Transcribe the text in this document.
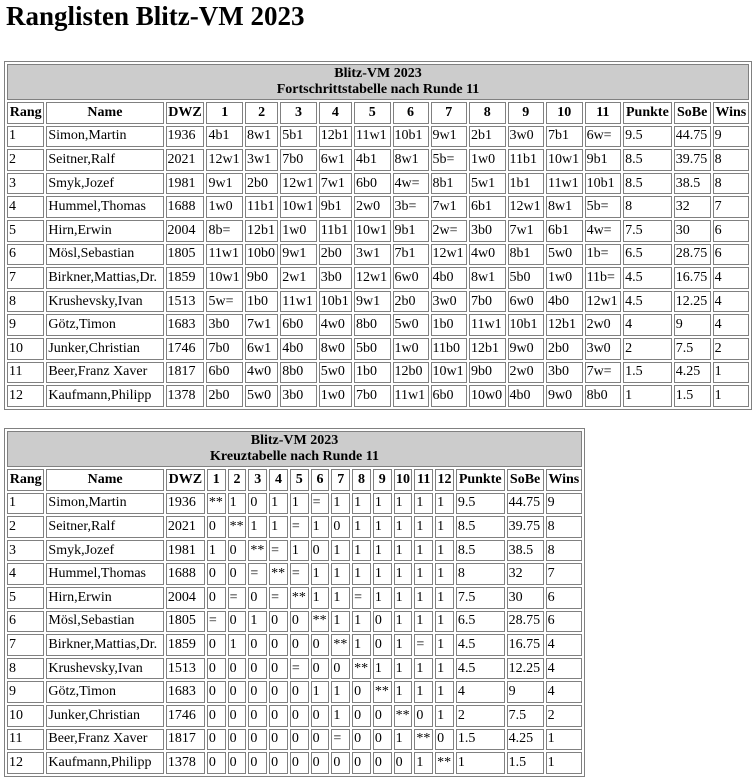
Ranglisten Blitz-VM 2023
Blitz-VM 2023
Fortschrittstabelle nach Runde 11																

Rang	Name	DWZ	1	2	3	4	5	6	7	8	9	10	11	Punkte	SoBe	Wins
1	Simon,Martin	1936	4b1	8w1	5b1	12b1	11w1	10b1	9w1	2b1	3w0	7b1	6w=	9.5	44.75	9
2	Seitner,Ralf	2021	12w1	3w1	7b0	6w1	4b1	8w1	5b=	1w0	11b1	10w1	9b1	8.5	39.75	8
3	Smyk,Jozef	1981	9w1	2b0	12w1	7w1	6b0	4w=	8b1	5w1	1b1	11w1	10b1	8.5	38.5	8
4	Hummel,Thomas	1688	1w0	11b1	10w1	9b1	2w0	3b=	7w1	6b1	12w1	8w1	5b=	8	32	7
5	Hirn,Erwin	2004	8b=	12b1	1w0	11b1	10w1	9b1	2w=	3b0	7w1	6b1	4w=	7.5	30	6
6	Mösl,Sebastian	1805	11w1	10b0	9w1	2b0	3w1	7b1	12w1	4w0	8b1	5w0	1b=	6.5	28.75	6
7	Birkner,Mattias,Dr.	1859	10w1	9b0	2w1	3b0	12w1	6w0	4b0	8w1	5b0	1w0	11b=	4.5	16.75	4
8	Krushevsky,Ivan	1513	5w=	1b0	11w1	10b1	9w1	2b0	3w0	7b0	6w0	4b0	12w1	4.5	12.25	4
9	Götz,Timon	1683	3b0	7w1	6b0	4w0	8b0	5w0	1b0	11w1	10b1	12b1	2w0	4	9	4
10	Junker,Christian	1746	7b0	6w1	4b0	8w0	5b0	1w0	11b0	12b1	9w0	2b0	3w0	2	7.5	2
11	Beer,Franz Xaver	1817	6b0	4w0	8b0	5w0	1b0	12b0	10w1	9b0	2w0	3b0	7w=	1.5	4.25	1
12	Kaufmann,Philipp	1378	2b0	5w0	3b0	1w0	7b0	11w1	6b0	10w0	4b0	9w0	8b0	1	1.5	1
Blitz-VM 2023
Kreuztabelle nach Runde 11																	

Rang	Name	DWZ	1	2	3	4	5	6	7	8	9	10	11	12	Punkte	SoBe	Wins
1	Simon,Martin	1936	**	1	0	1	1	=	1	1	1	1	1	1	9.5	44.75	9
2	Seitner,Ralf	2021	0	**	1	1	=	1	0	1	1	1	1	1	8.5	39.75	8
3	Smyk,Jozef	1981	1	0	**	=	1	0	1	1	1	1	1	1	8.5	38.5	8
4	Hummel,Thomas	1688	0	0	=	**	=	1	1	1	1	1	1	1	8	32	7
5	Hirn,Erwin	2004	0	=	0	=	**	1	1	=	1	1	1	1	7.5	30	6
6	Mösl,Sebastian	1805	=	0	1	0	0	**	1	1	0	1	1	1	6.5	28.75	6
7	Birkner,Mattias,Dr.	1859	0	1	0	0	0	0	**	1	0	1	=	1	4.5	16.75	4
8	Krushevsky,Ivan	1513	0	0	0	0	=	0	0	**	1	1	1	1	4.5	12.25	4
9	Götz,Timon	1683	0	0	0	0	0	1	1	0	**	1	1	1	4	9	4
10	Junker,Christian	1746	0	0	0	0	0	0	1	0	0	**	0	1	2	7.5	2
11	Beer,Franz Xaver	1817	0	0	0	0	0	0	=	0	0	1	**	0	1.5	4.25	1
12	Kaufmann,Philipp	1378	0	0	0	0	0	0	0	0	0	0	1	**	1	1.5	1
